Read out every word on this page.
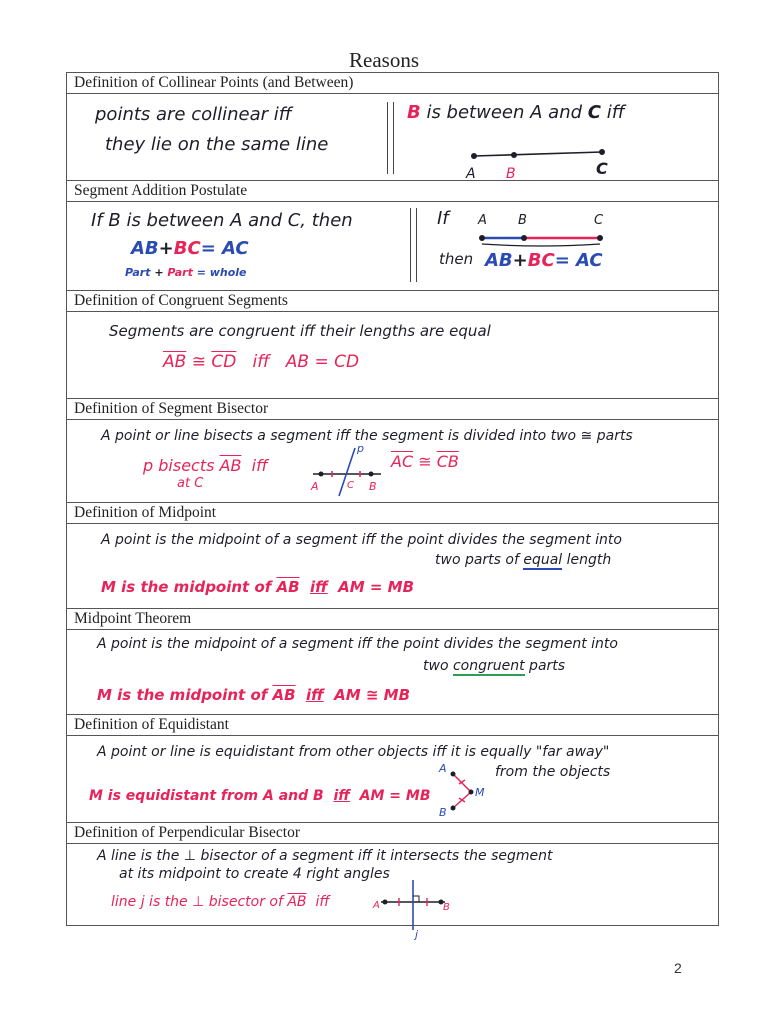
Reasons
Definition of Collinear Points (and Between)
points are collinear iff
they lie on the same line
B is between A and C iff
A B	C
Segment Addition Postulate
If B is between A and C, then
AB+BC= AC
Part + Part = whole
If A B	C
then AB+BC= AC
Definition of Congruent Segments
Segments are congruent iff their lengths are equal
$\overline{AB}$ ≅ $\overline{CD}$ iff AB = CD
Definition of Segment Bisector
A point or line bisects a segment iff the segment is divided into two ≅ parts
p bisects $\overline{AB}$ iff
at C	A	C B
p
$\overline{AC}$ ≅ $\overline{CB}$
Definition of Midpoint
A point is the midpoint of a segment iff the point divides the segment into
two parts of equal length
M is the midpoint of $\overline{AB}$ iff AM = MB
Midpoint Theorem
A point is the midpoint of a segment iff the point divides the segment into
two congruent parts
M is the midpoint of $\overline{AB}$ iff AM ≅ MB
Definition of Equidistant
A point or line is equidistant from other objects iff it is equally "far away"
from the objects
M is equidistant from A and B iff AM = MB
A
B
M
Definition of Perpendicular Bisector
A line is the ⊥ bisector of a segment iff it intersects the segment
at its midpoint to create 4 right angles
line j is the ⊥ bisector of $\overline{AB}$ iff	A	B
j
2
